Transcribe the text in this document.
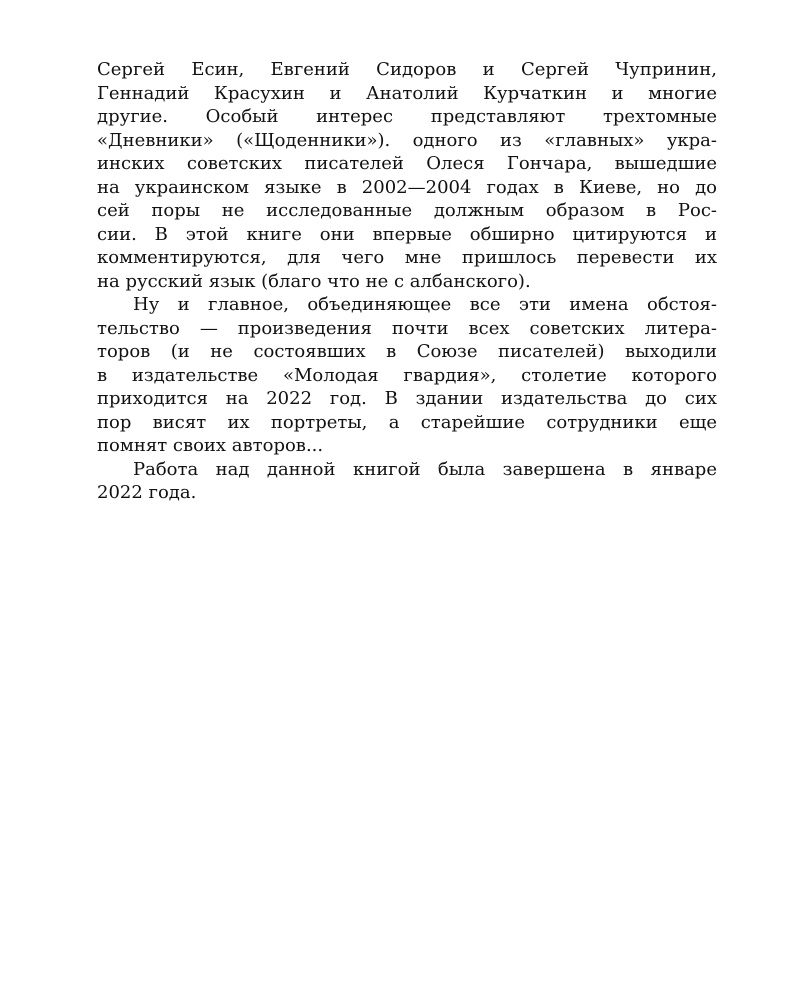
Сергей Есин, Евгений Сидоров и Сергей Чупринин,
Геннадий Красухин и Анатолий Курчаткин и многие
другие. Особый интерес представляют трехтомные
«Дневники» («Щоденники»). одного из «главных» укра-
инских советских писателей Олеся Гончара, вышедшие
на украинском языке в 2002—2004 годах в Киеве, но до
сей поры не исследованные должным образом в Рос-
сии. В этой книге они впервые обширно цитируются и
комментируются, для чего мне пришлось перевести их
на русский язык (благо что не с албанского).
Ну и главное, объединяющее все эти имена обстоя-
тельство — произведения почти всех советских литера-
торов (и не состоявших в Союзе писателей) выходили
в издательстве «Молодая гвардия», столетие которого
приходится на 2022 год. В здании издательства до сих
пор висят их портреты, а старейшие сотрудники еще
помнят своих авторов...
Работа над данной книгой была завершена в январе
2022 года.
